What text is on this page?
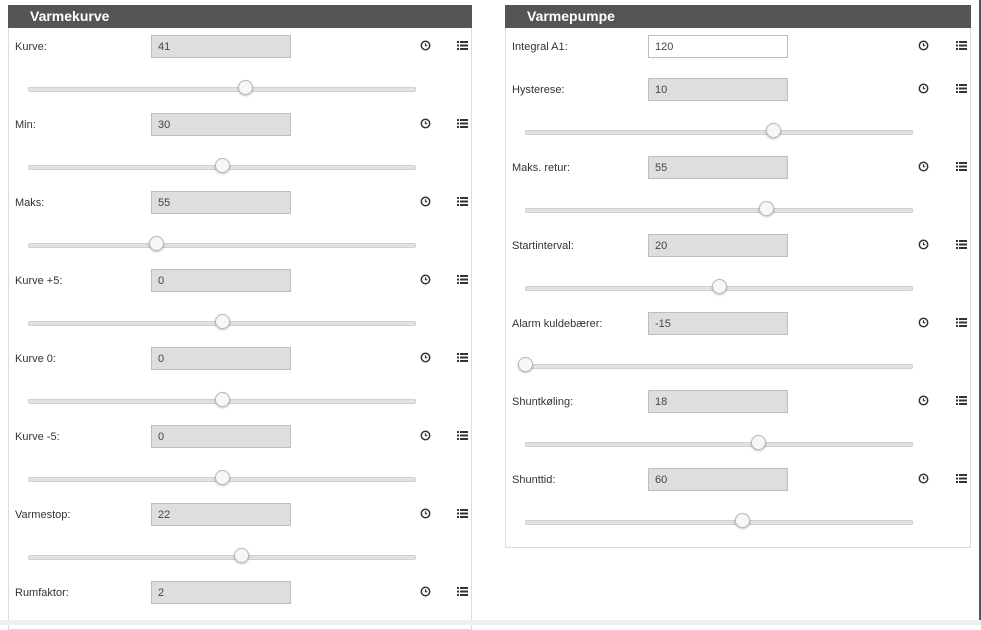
Varmekurve
Kurve:
41
Min:
30
Maks:
55
Kurve +5:
0
Kurve 0:
0
Kurve -5:
0
Varmestop:
22
Rumfaktor:
2
Varmepumpe
Integral A1:
120
Hysterese:
10
Maks. retur:
55
Startinterval:
20
Alarm kuldebærer:
-15
Shuntkøling:
18
Shunttid:
60
